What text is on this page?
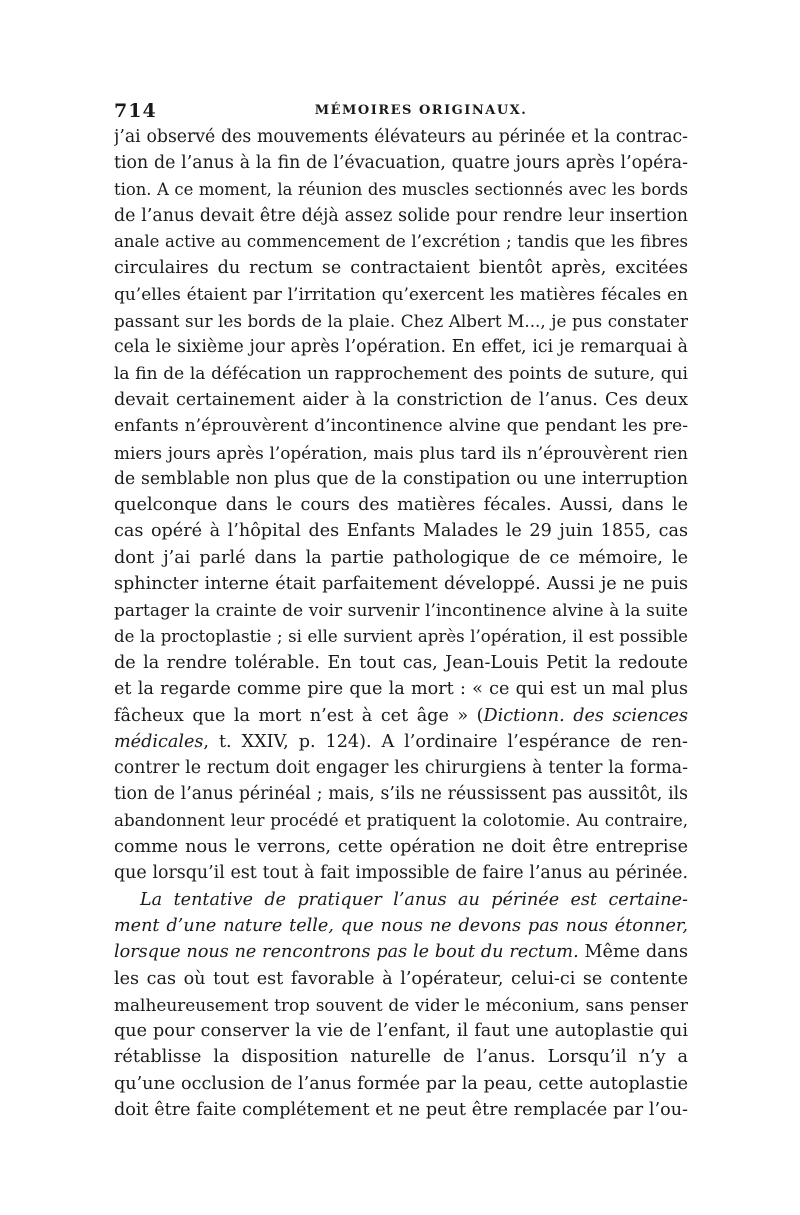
714	MÉMOIRES ORIGINAUX.
j’ai observé des mouvements élévateurs au périnée et la contrac-
tion de l’anus à la fin de l’évacuation, quatre jours après l’opéra-
tion. A ce moment, la réunion des muscles sectionnés avec les bords
de l’anus devait être déjà assez solide pour rendre leur insertion
anale active au commencement de l’excrétion ; tandis que les fibres
circulaires du rectum se contractaient bientôt après, excitées
qu’elles étaient par l’irritation qu’exercent les matières fécales en
passant sur les bords de la plaie. Chez Albert M..., je pus constater
cela le sixième jour après l’opération. En effet, ici je remarquai à
la fin de la défécation un rapprochement des points de suture, qui
devait certainement aider à la constriction de l’anus. Ces deux
enfants n’éprouvèrent d’incontinence alvine que pendant les pre-
miers jours après l’opération, mais plus tard ils n’éprouvèrent rien
de semblable non plus que de la constipation ou une interruption
quelconque dans le cours des matières fécales. Aussi, dans le
cas opéré à l’hôpital des Enfants Malades le 29 juin 1855, cas
dont j’ai parlé dans la partie pathologique de ce mémoire, le
sphincter interne était parfaitement développé. Aussi je ne puis
partager la crainte de voir survenir l’incontinence alvine à la suite
de la proctoplastie ; si elle survient après l’opération, il est possible
de la rendre tolérable. En tout cas, Jean-Louis Petit la redoute
et la regarde comme pire que la mort : « ce qui est un mal plus
fâcheux que la mort n’est à cet âge » (Dictionn. des sciences
médicales, t. XXIV, p. 124). A l’ordinaire l’espérance de ren-
contrer le rectum doit engager les chirurgiens à tenter la forma-
tion de l’anus périnéal ; mais, s’ils ne réussissent pas aussitôt, ils
abandonnent leur procédé et pratiquent la colotomie. Au contraire,
comme nous le verrons, cette opération ne doit être entreprise
que lorsqu’il est tout à fait impossible de faire l’anus au périnée.
La tentative de pratiquer l’anus au périnée est certaine-
ment d’une nature telle, que nous ne devons pas nous étonner,
lorsque nous ne rencontrons pas le bout du rectum. Même dans
les cas où tout est favorable à l’opérateur, celui-ci se contente
malheureusement trop souvent de vider le méconium, sans penser
que pour conserver la vie de l’enfant, il faut une autoplastie qui
rétablisse la disposition naturelle de l’anus. Lorsqu’il n’y a
qu’une occlusion de l’anus formée par la peau, cette autoplastie
doit être faite complétement et ne peut être remplacée par l’ou-
